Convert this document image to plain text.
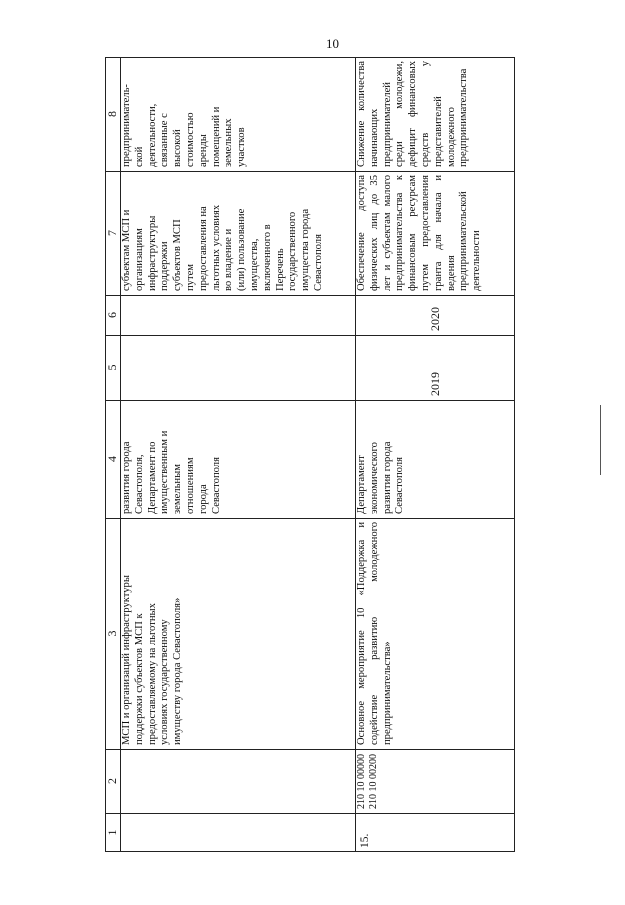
10
1
2
3
4
5
6
7
8
МСП и организаций инфраструктуры
поддержки субъектов МСП к
предоставляемому на льготных
условиях государственному
имуществу города Севастополя»
развития города
Севастополя,
Департамент по
имущественным и
земельным
отношениям
города
Севастополя
субъектам МСП и
организациям
инфраструктуры
поддержки
субъектов МСП
путем
предоставления на
льготных условиях
во владение и
(или) пользование
имущества,
включенного в
Перечень
государственного
имущества города
Севастополя
предприниматель-
ской
деятельности,
связанные с
высокой
стоимостью
аренды
помещений и
земельных
участков
15.
210 10 00000
210 10 00200
Основное мероприятие 10 «Поддержка и содействие развитию молодежного предпринимательства»
Департамент
экономического
развития города
Севастополя
2019
2020
Обеспечение доступа физических лиц до 35 лет и субъектам малого предпринимательства к финансовым ресурсам путем предоставления гранта для начала и ведения предпринимательской деятельности
Снижение количества начинающих предпринимателей среди молодежи, дефицит финансовых средств у представителей молодежного предпринимательства
